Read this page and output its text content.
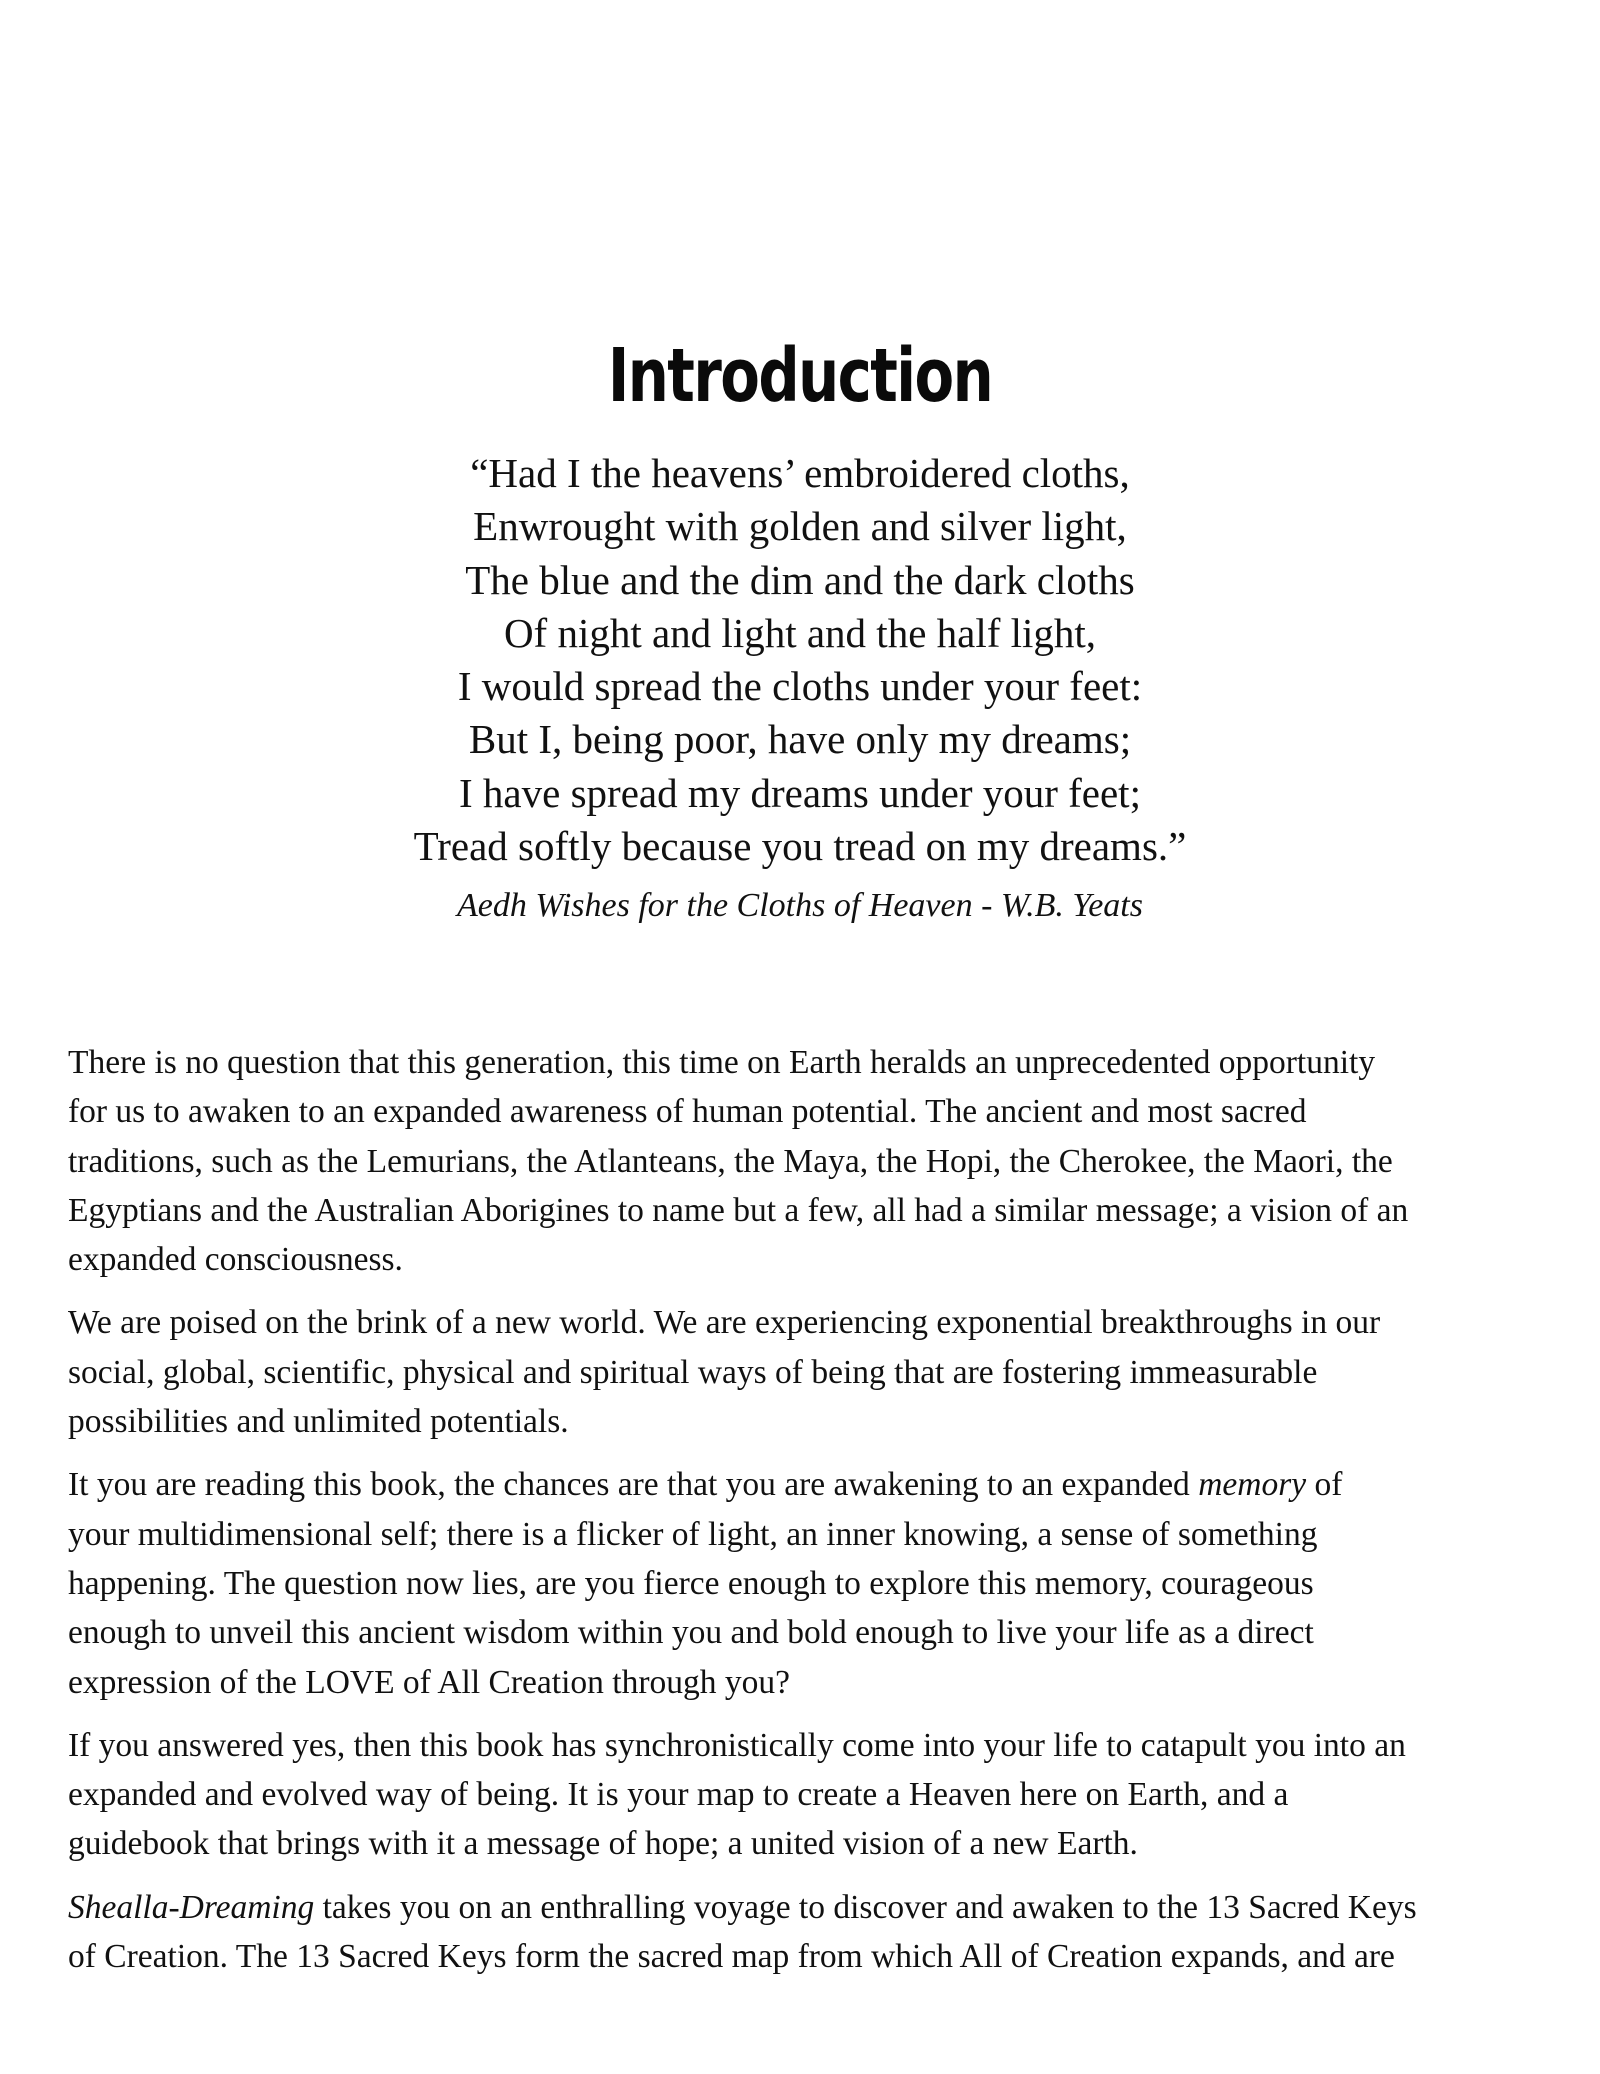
Introduction
“Had I the heavens’ embroidered cloths,
Enwrought with golden and silver light,
The blue and the dim and the dark cloths
Of night and light and the half light,
I would spread the cloths under your feet:
But I, being poor, have only my dreams;
I have spread my dreams under your feet;
Tread softly because you tread on my dreams.”
Aedh Wishes for the Cloths of Heaven - W.B. Yeats

There is no question that this generation, this time on Earth heralds an unprecedented opportunity
for us to awaken to an expanded awareness of human potential. The ancient and most sacred
traditions, such as the Lemurians, the Atlanteans, the Maya, the Hopi, the Cherokee, the Maori, the
Egyptians and the Australian Aborigines to name but a few, all had a similar message; a vision of an
expanded consciousness.

We are poised on the brink of a new world. We are experiencing exponential breakthroughs in our
social, global, scientific, physical and spiritual ways of being that are fostering immeasurable
possibilities and unlimited potentials.

It you are reading this book, the chances are that you are awakening to an expanded memory of
your multidimensional self; there is a flicker of light, an inner knowing, a sense of something
happening. The question now lies, are you fierce enough to explore this memory, courageous
enough to unveil this ancient wisdom within you and bold enough to live your life as a direct
expression of the LOVE of All Creation through you?

If you answered yes, then this book has synchronistically come into your life to catapult you into an
expanded and evolved way of being. It is your map to create a Heaven here on Earth, and a
guidebook that brings with it a message of hope; a united vision of a new Earth.

Shealla-Dreaming takes you on an enthralling voyage to discover and awaken to the 13 Sacred Keys
of Creation. The 13 Sacred Keys form the sacred map from which All of Creation expands, and are
